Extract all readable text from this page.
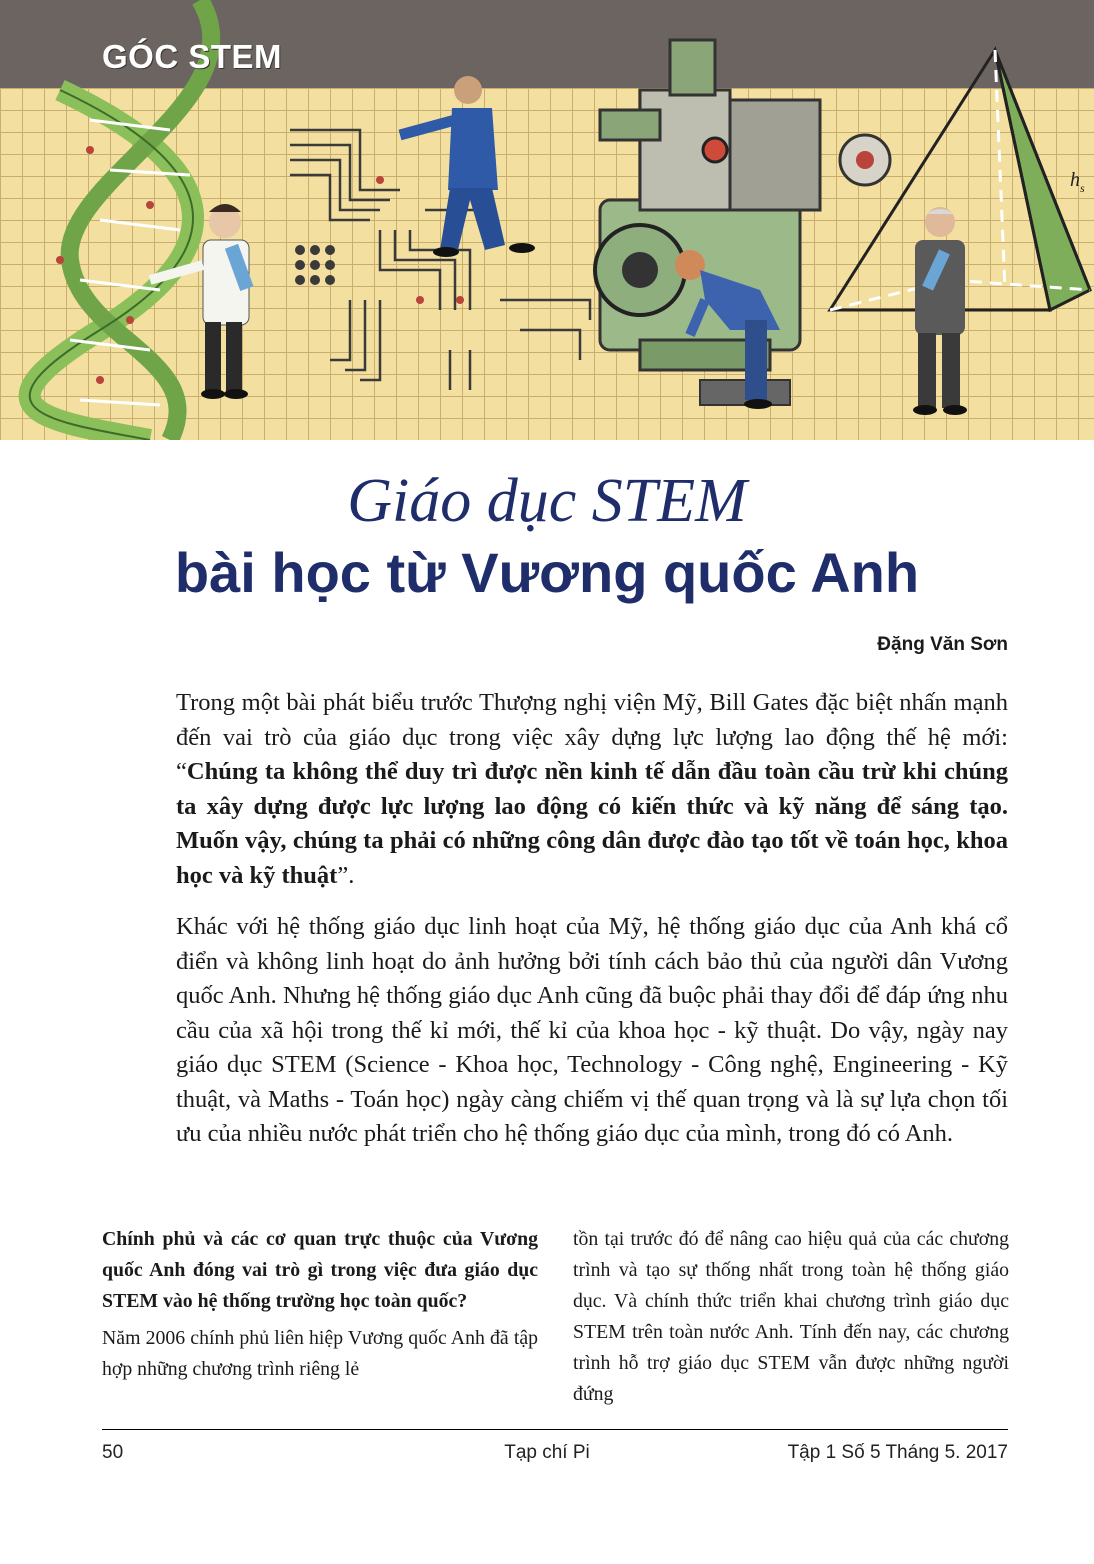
h s
GÓC STEM
Giáo dục STEM
bài học từ Vương quốc Anh
Đặng Văn Sơn

Trong một bài phát biểu trước Thượng nghị viện Mỹ, Bill Gates đặc biệt nhấn mạnh đến vai trò của giáo dục trong việc xây dựng lực lượng lao động thế hệ mới: “Chúng ta không thể duy trì được nền kinh tế dẫn đầu toàn cầu trừ khi chúng ta xây dựng được lực lượng lao động có kiến thức và kỹ năng để sáng tạo. Muốn vậy, chúng ta phải có những công dân được đào tạo tốt về toán học, khoa học và kỹ thuật”.

Khác với hệ thống giáo dục linh hoạt của Mỹ, hệ thống giáo dục của Anh khá cổ điển và không linh hoạt do ảnh hưởng bởi tính cách bảo thủ của người dân Vương quốc Anh. Nhưng hệ thống giáo dục Anh cũng đã buộc phải thay đổi để đáp ứng nhu cầu của xã hội trong thế kỉ mới, thế kỉ của khoa học - kỹ thuật. Do vậy, ngày nay giáo dục STEM (Science - Khoa học, Technology - Công nghệ, Engineering - Kỹ thuật, và Maths - Toán học) ngày càng chiếm vị thế quan trọng và là sự lựa chọn tối ưu của nhiều nước phát triển cho hệ thống giáo dục của mình, trong đó có Anh.

Chính phủ và các cơ quan trực thuộc của Vương quốc Anh đóng vai trò gì trong việc đưa giáo dục STEM vào hệ thống trường học toàn quốc?

Năm 2006 chính phủ liên hiệp Vương quốc Anh đã tập hợp những chương trình riêng lẻ

tồn tại trước đó để nâng cao hiệu quả của các chương trình và tạo sự thống nhất trong toàn hệ thống giáo dục. Và chính thức triển khai chương trình giáo dục STEM trên toàn nước Anh. Tính đến nay, các chương trình hỗ trợ giáo dục STEM vẫn được những người đứng

50	Tạp chí Pi	Tập 1 Số 5 Tháng 5. 2017
